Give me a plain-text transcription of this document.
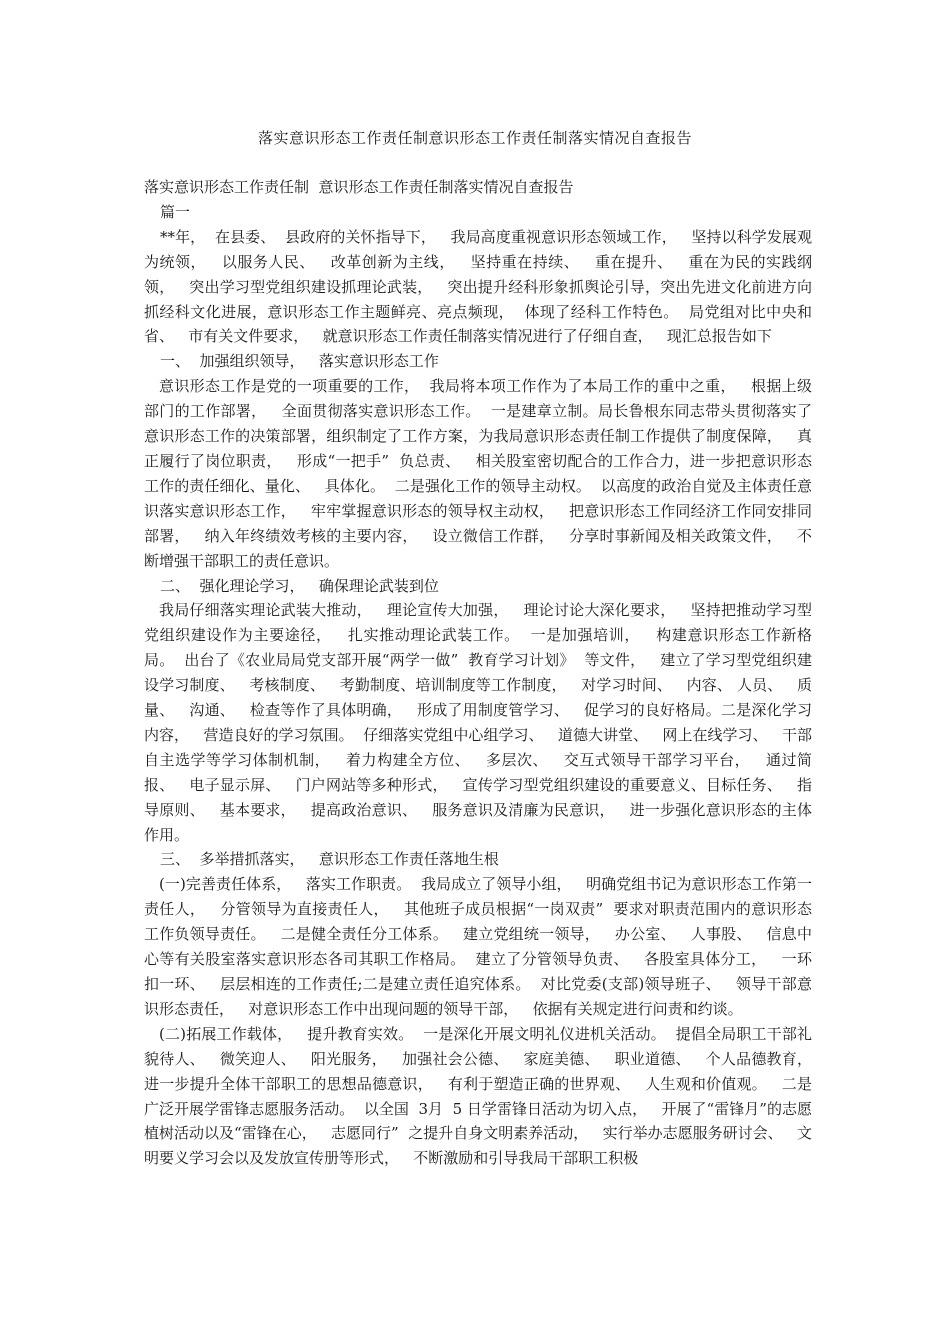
落实意识形态工作责任制意识形态工作责任制落实情况自查报告

落实意识形态工作责任制  意识形态工作责任制落实情况自查报告

篇一

**年，  在县委、  县政府的关怀指导下，   我局高度重视意识形态领域工作，   坚持以科学发展观为统领，   以服务人民、   改革创新为主线，   坚持重在持续、   重在提升、   重在为民的实践纲领，   突出学习型党组织建设抓理论武装，   突出提升经科形象抓舆论引导，突出先进文化前进方向抓经科文化进展，意识形态工作主题鲜亮、亮点频现，  体现了经科工作特色。  局党组对比中央和省、   市有关文件要求，   就意识形态工作责任制落实情况进行了仔细自查，   现汇总报告如下

一、  加强组织领导，   落实意识形态工作

意识形态工作是党的一项重要的工作，  我局将本项工作作为了本局工作的重中之重，   根据上级部门的工作部署，   全面贯彻落实意识形态工作。  一是建章立制。局长鲁根东同志带头贯彻落实了意识形态工作的决策部署，组织制定了工作方案，为我局意识形态责任制工作提供了制度保障，   真正履行了岗位职责，   形成“一把手”  负总责、   相关股室密切配合的工作合力，进一步把意识形态工作的责任细化、量化、   具体化。  二是强化工作的领导主动权。  以高度的政治自觉及主体责任意识落实意识形态工作，   牢牢掌握意识形态的领导权主动权，   把意识形态工作同经济工作同安排同部署，   纳入年终绩效考核的主要内容，   设立微信工作群，   分享时事新闻及相关政策文件，   不断增强干部职工的责任意识。

二、  强化理论学习，   确保理论武装到位

我局仔细落实理论武装大推动，   理论宣传大加强，   理论讨论大深化要求，   坚持把推动学习型党组织建设作为主要途径，   扎实推动理论武装工作。  一是加强培训，   构建意识形态工作新格局。  出台了《农业局局党支部开展“两学一做”  教育学习计划》  等文件，   建立了学习型党组织建设学习制度、   考核制度、   考勤制度、培训制度等工作制度，   对学习时间、   内容、 人员、   质量、   沟通、   检查等作了具体明确，   形成了用制度管学习、   促学习的良好格局。二是深化学习内容，   营造良好的学习氛围。  仔细落实党组中心组学习、   道德大讲堂、   网上在线学习、   干部自主选学等学习体制机制，   着力构建全方位、   多层次、   交互式领导干部学习平台，   通过简报、   电子显示屏、   门户网站等多种形式，   宣传学习型党组织建设的重要意义、目标任务、   指导原则、   基本要求，   提高政治意识、   服务意识及清廉为民意识，   进一步强化意识形态的主体作用。

三、  多举措抓落实，   意识形态工作责任落地生根

(一)完善责任体系，   落实工作职责。  我局成立了领导小组，   明确党组书记为意识形态工作第一责任人，   分管领导为直接责任人，   其他班子成员根据“一岗双责”  要求对职责范围内的意识形态工作负领导责任。   二是健全责任分工体系。   建立党组统一领导，   办公室、   人事股、   信息中心等有关股室落实意识形态各司其职工作格局。  建立了分管领导负责、   各股室具体分工，   一环扣一环、   层层相连的工作责任;二是建立责任追究体系。  对比党委(支部)领导班子、   领导干部意识形态责任，   对意识形态工作中出现问题的领导干部，   依据有关规定进行问责和约谈。

(二)拓展工作载体，   提升教育实效。  一是深化开展文明礼仪进机关活动。  提倡全局职工干部礼貌待人、   微笑迎人、   阳光服务，   加强社会公德、   家庭美德、   职业道德、   个人品德教育，   进一步提升全体干部职工的思想品德意识，   有利于塑造正确的世界观、   人生观和价值观。   二是广泛开展学雷锋志愿服务活动。  以全国  3月  5 日学雷锋日活动为切入点，   开展了“雷锋月”的志愿植树活动以及“雷锋在心，   志愿同行”  之提升自身文明素养活动，   实行举办志愿服务研讨会、   文明要义学习会以及发放宣传册等形式，   不断激励和引导我局干部职工积极
